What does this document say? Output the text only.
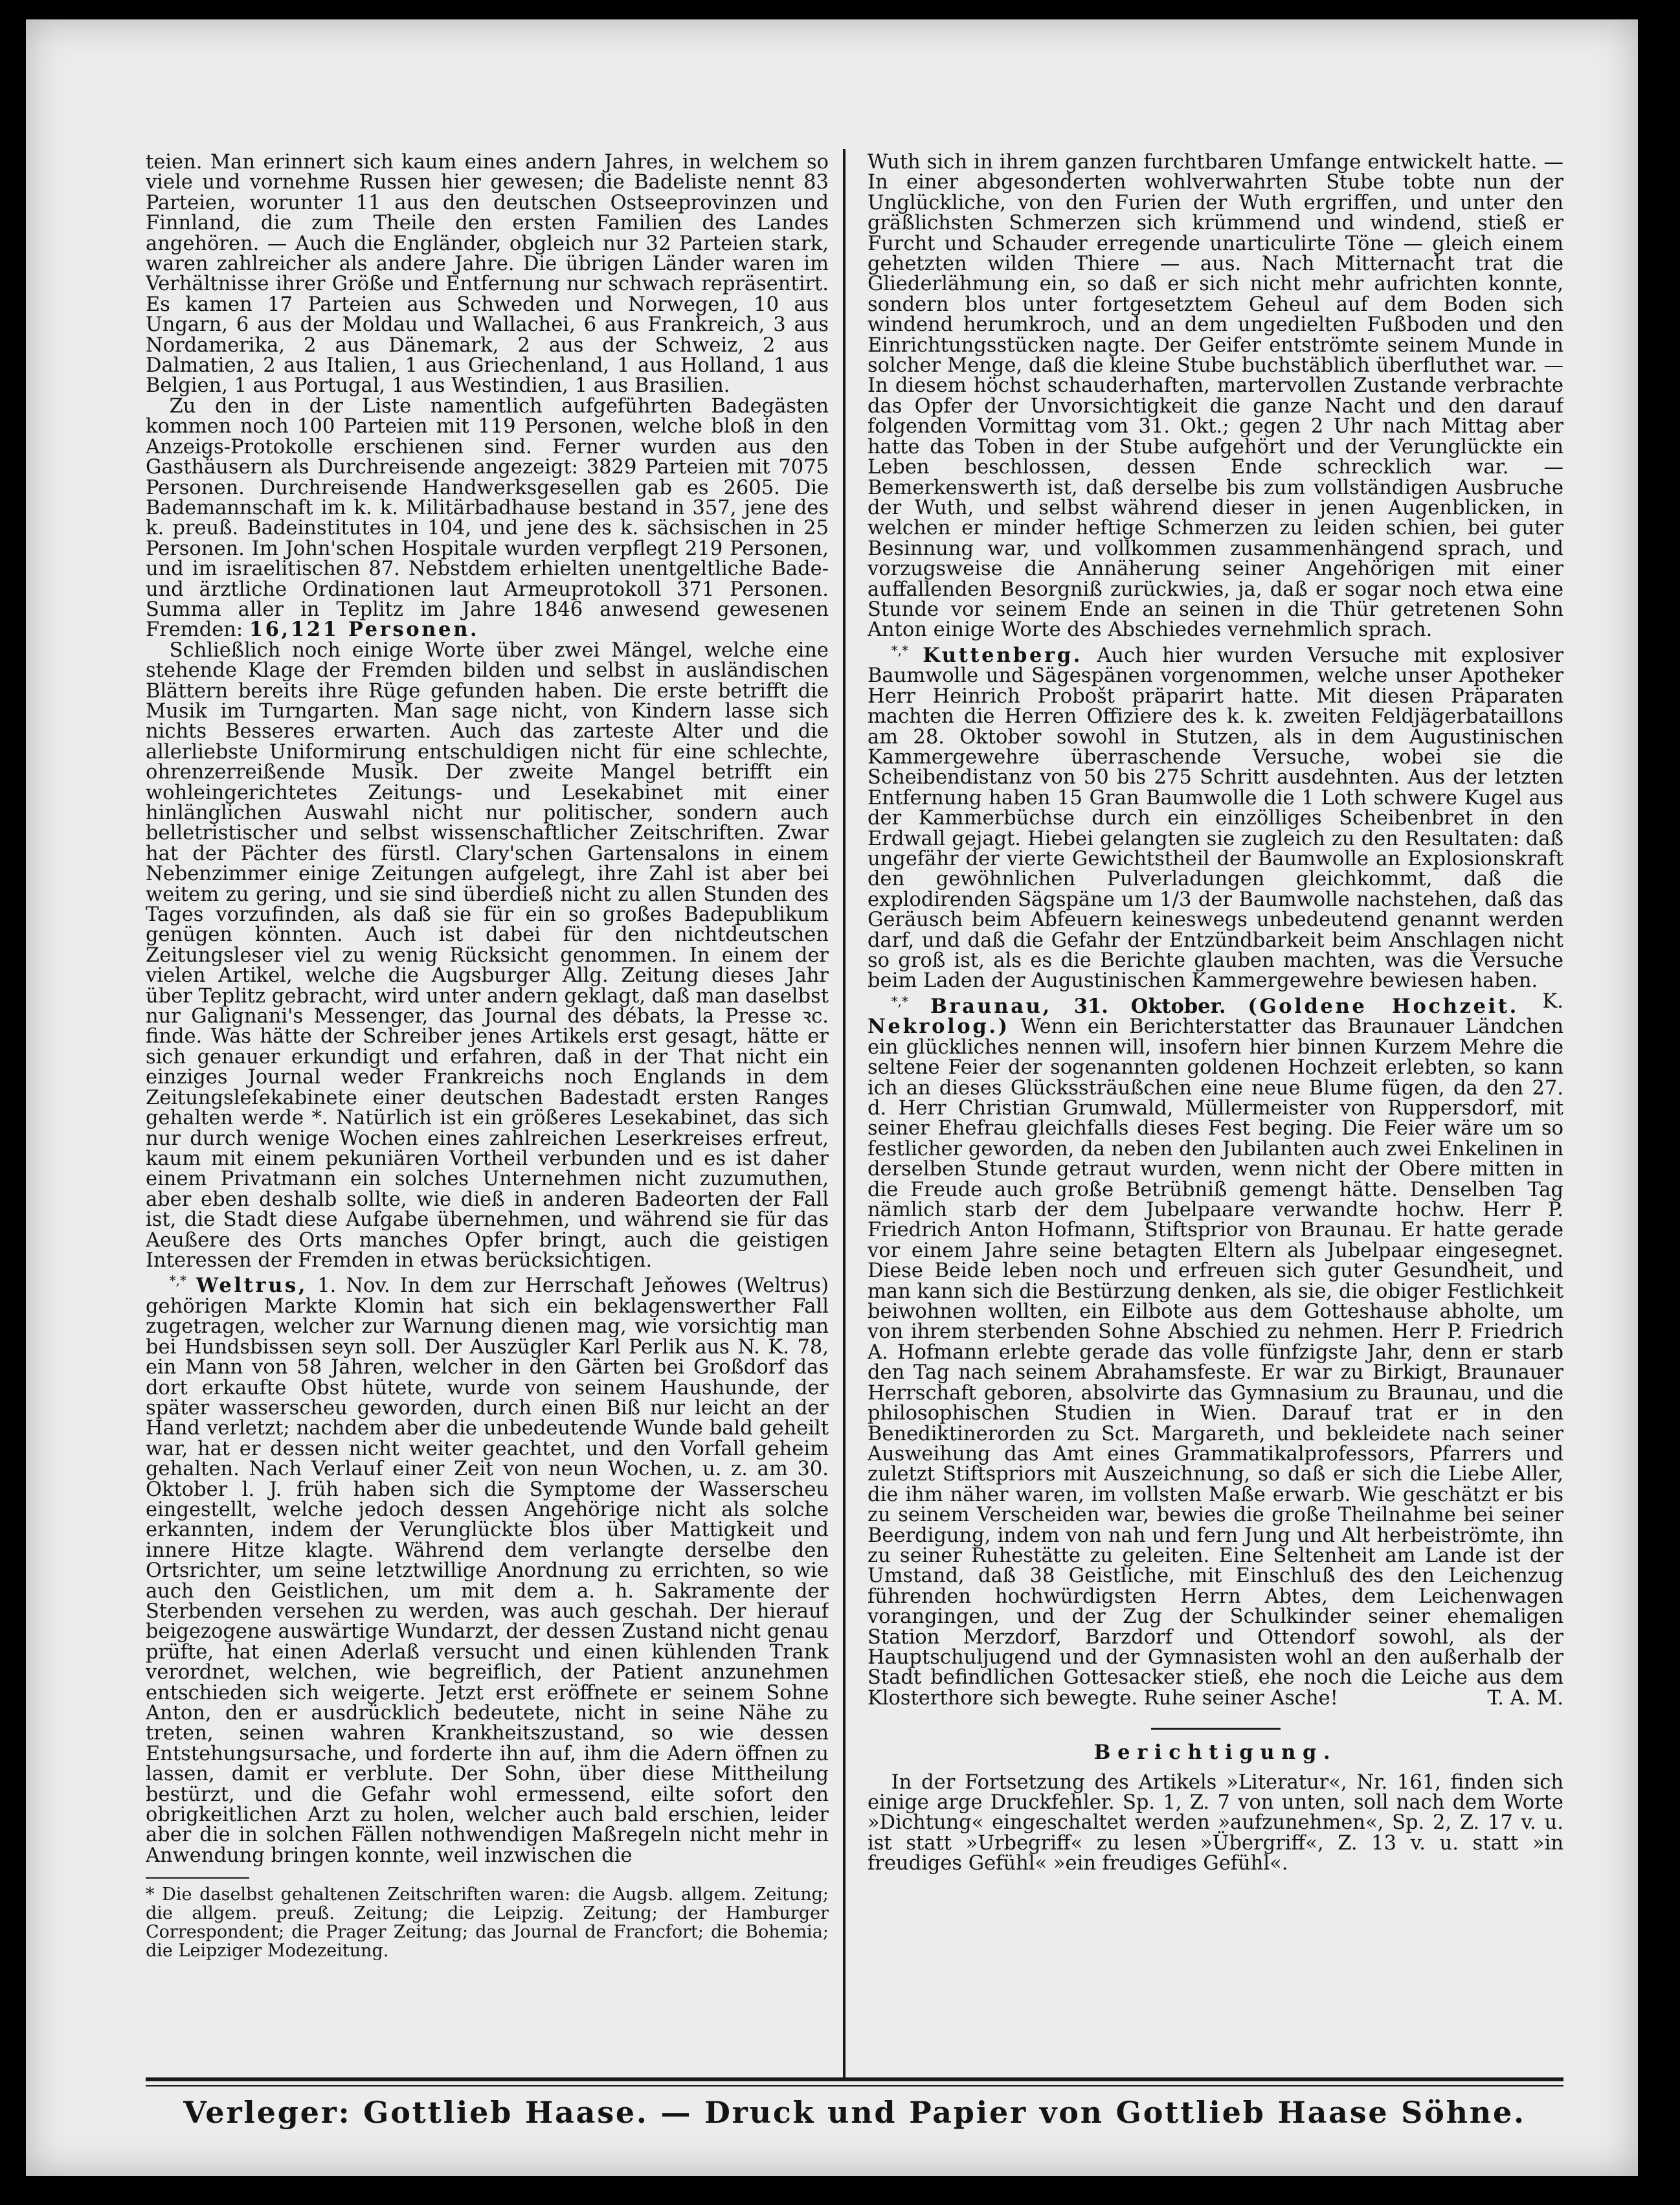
teien. Man erinnert sich kaum eines andern Jahres, in welchem so viele und vornehme Russen hier gewesen; die Badeliste nennt 83 Parteien, worunter 11 aus den deutschen Ostseeprovinzen und Finnland, die zum Theile den ersten Familien des Landes angehören. — Auch die Engländer, obgleich nur 32 Parteien stark, waren zahlreicher als andere Jahre. Die übrigen Länder waren im Verhältnisse ihrer Größe und Entfernung nur schwach repräsentirt. Es kamen 17 Parteien aus Schweden und Norwegen, 10 aus Ungarn, 6 aus der Moldau und Wallachei, 6 aus Frankreich, 3 aus Nordamerika, 2 aus Dänemark, 2 aus der Schweiz, 2 aus Dalmatien, 2 aus Italien, 1 aus Griechenland, 1 aus Holland, 1 aus Belgien, 1 aus Portugal, 1 aus Westindien, 1 aus Brasilien.

Zu den in der Liste namentlich aufgeführten Badegästen kommen noch 100 Parteien mit 119 Personen, welche bloß in den Anzeigs-Protokolle erschienen sind. Ferner wurden aus den Gasthäusern als Durchreisende angezeigt: 3829 Parteien mit 7075 Personen. Durchreisende Handwerksgesellen gab es 2605. Die Bademannschaft im k. k. Militärbadhause bestand in 357, jene des k. preuß. Badeinstitutes in 104, und jene des k. sächsischen in 25 Personen. Im John'schen Hospitale wurden verpflegt 219 Personen, und im israelitischen 87. Nebstdem erhielten unentgeltliche Bade- und ärztliche Ordinationen laut Armeuprotokoll 371 Personen. Summa aller in Teplitz im Jahre 1846 anwesend gewesenen Fremden: 16,121 Personen.

Schließlich noch einige Worte über zwei Mängel, welche eine stehende Klage der Fremden bilden und selbst in ausländischen Blättern bereits ihre Rüge gefunden haben. Die erste betrifft die Musik im Turngarten. Man sage nicht, von Kindern lasse sich nichts Besseres erwarten. Auch das zarteste Alter und die allerliebste Uniformirung entschuldigen nicht für eine schlechte, ohrenzerreißende Musik. Der zweite Mangel betrifft ein wohleingerichtetes Zeitungs- und Lesekabinet mit einer hinlänglichen Auswahl nicht nur politischer, sondern auch belletristischer und selbst wissenschaftlicher Zeitschriften. Zwar hat der Pächter des fürstl. Clary'schen Gartensalons in einem Nebenzimmer einige Zeitungen aufgelegt, ihre Zahl ist aber bei weitem zu gering, und sie sind überdieß nicht zu allen Stunden des Tages vorzufinden, als daß sie für ein so großes Badepublikum genügen könnten. Auch ist dabei für den nichtdeutschen Zeitungsleser viel zu wenig Rücksicht genommen. In einem der vielen Artikel, welche die Augsburger Allg. Zeitung dieses Jahr über Teplitz gebracht, wird unter andern geklagt, daß man daselbst nur Galignani's Messenger, das Journal des débats, la Presse ꝛc. finde. Was hätte der Schreiber jenes Artikels erst gesagt, hätte er sich genauer erkundigt und erfahren, daß in der That nicht ein einziges Journal weder Frankreichs noch Englands in dem Zeitungsleſekabinete einer deutschen Badestadt ersten Ranges gehalten werde *. Natürlich ist ein größeres Lesekabinet, das sich nur durch wenige Wochen eines zahlreichen Leserkreises erfreut, kaum mit einem pekuniären Vortheil verbunden und es ist daher einem Privatmann ein solches Unternehmen nicht zuzumuthen, aber eben deshalb sollte, wie dieß in anderen Badeorten der Fall ist, die Stadt diese Aufgabe übernehmen, und während sie für das Aeußere des Orts manches Opfer bringt, auch die geistigen Interessen der Fremden in etwas berücksichtigen.

*,* Weltrus, 1. Nov. In dem zur Herrschaft Jeňowes (Weltrus) gehörigen Markte Klomin hat sich ein beklagenswerther Fall zugetragen, welcher zur Warnung dienen mag, wie vorsichtig man bei Hundsbissen seyn soll. Der Auszügler Karl Perlik aus N. K. 78, ein Mann von 58 Jahren, welcher in den Gärten bei Großdorf das dort erkaufte Obst hütete, wurde von seinem Haushunde, der später wasserscheu geworden, durch einen Biß nur leicht an der Hand verletzt; nachdem aber die unbedeutende Wunde bald geheilt war, hat er dessen nicht weiter geachtet, und den Vorfall geheim gehalten. Nach Verlauf einer Zeit von neun Wochen, u. z. am 30. Oktober l. J. früh haben sich die Symptome der Wasserscheu eingestellt, welche jedoch dessen Angehörige nicht als solche erkannten, indem der Verunglückte blos über Mattigkeit und innere Hitze klagte. Während dem verlangte derselbe den Ortsrichter, um seine letztwillige Anordnung zu errichten, so wie auch den Geistlichen, um mit dem a. h. Sakramente der Sterbenden versehen zu werden, was auch geschah. Der hierauf beigezogene auswärtige Wundarzt, der dessen Zustand nicht genau prüfte, hat einen Aderlaß versucht und einen kühlenden Trank verordnet, welchen, wie begreiflich, der Patient anzunehmen entschieden sich weigerte. Jetzt erst eröffnete er seinem Sohne Anton, den er ausdrücklich bedeutete, nicht in seine Nähe zu treten, seinen wahren Krankheitszustand, so wie dessen Entstehungsursache, und forderte ihn auf, ihm die Adern öffnen zu lassen, damit er verblute. Der Sohn, über diese Mittheilung bestürzt, und die Gefahr wohl ermessend, eilte sofort den obrigkeitlichen Arzt zu holen, welcher auch bald erschien, leider aber die in solchen Fällen nothwendigen Maßregeln nicht mehr in Anwendung bringen konnte, weil inzwischen die

* Die daselbst gehaltenen Zeitschriften waren: die Augsb. allgem. Zeitung; die allgem. preuß. Zeitung; die Leipzig. Zeitung; der Hamburger Correspondent; die Prager Zeitung; das Journal de Francfort; die Bohemia; die Leipziger Modezeitung.

Wuth sich in ihrem ganzen furchtbaren Umfange entwickelt hatte. — In einer abgesonderten wohlverwahrten Stube tobte nun der Unglückliche, von den Furien der Wuth ergriffen, und unter den gräßlichsten Schmerzen sich krümmend und windend, stieß er Furcht und Schauder erregende unarticulirte Töne — gleich einem gehetzten wilden Thiere — aus. Nach Mitternacht trat die Gliederlähmung ein, so daß er sich nicht mehr aufrichten konnte, sondern blos unter fortgesetztem Geheul auf dem Boden sich windend herumkroch, und an dem ungedielten Fußboden und den Einrichtungsstücken nagte. Der Geifer entströmte seinem Munde in solcher Menge, daß die kleine Stube buchstäblich überfluthet war. — In diesem höchst schauderhaften, martervollen Zustande verbrachte das Opfer der Unvorsichtigkeit die ganze Nacht und den darauf folgenden Vormittag vom 31. Okt.; gegen 2 Uhr nach Mittag aber hatte das Toben in der Stube aufgehört und der Verunglückte ein Leben beschlossen, dessen Ende schrecklich war. — Bemerkenswerth ist, daß derselbe bis zum vollständigen Ausbruche der Wuth, und selbst während dieser in jenen Augenblicken, in welchen er minder heftige Schmerzen zu leiden schien, bei guter Besinnung war, und vollkommen zusammenhängend sprach, und vorzugsweise die Annäherung seiner Angehörigen mit einer auffallenden Besorgniß zurückwies, ja, daß er sogar noch etwa eine Stunde vor seinem Ende an seinen in die Thür getretenen Sohn Anton einige Worte des Abschiedes vernehmlich sprach.

*,* Kuttenberg. Auch hier wurden Versuche mit explosiver Baumwolle und Sägespänen vorgenommen, welche unser Apotheker Herr Heinrich Probošt präparirt hatte. Mit diesen Präparaten machten die Herren Offiziere des k. k. zweiten Feldjägerbataillons am 28. Oktober sowohl in Stutzen, als in dem Augustinischen Kammergewehre überraschende Versuche, wobei sie die Scheibendistanz von 50 bis 275 Schritt ausdehnten. Aus der letzten Entfernung haben 15 Gran Baumwolle die 1 Loth schwere Kugel aus der Kammerbüchse durch ein einzölliges Scheibenbret in den Erdwall gejagt. Hiebei gelangten sie zugleich zu den Resultaten: daß ungefähr der vierte Gewichtstheil der Baumwolle an Explosionskraft den gewöhnlichen Pulverladungen gleichkommt, daß die explodirenden Sägspäne um 1/3 der Baumwolle nachstehen, daß das Geräusch beim Abfeuern keineswegs unbedeutend genannt werden darf, und daß die Gefahr der Entzündbarkeit beim Anschlagen nicht so groß ist, als es die Berichte glauben machten, was die Versuche beim Laden der Augustinischen Kammergewehre bewiesen haben.
K.

*,* Braunau, 31. Oktober. (Goldene Hochzeit. Nekrolog.) Wenn ein Berichterstatter das Braunauer Ländchen ein glückliches nennen will, insofern hier binnen Kurzem Mehre die seltene Feier der sogenannten goldenen Hochzeit erlebten, so kann ich an dieses Glückssträußchen eine neue Blume fügen, da den 27. d. Herr Christian Grumwald, Müllermeister von Ruppersdorf, mit seiner Ehefrau gleichfalls dieses Fest beging. Die Feier wäre um so festlicher geworden, da neben den Jubilanten auch zwei Enkelinen in derselben Stunde getraut wurden, wenn nicht der Obere mitten in die Freude auch große Betrübniß gemengt hätte. Denselben Tag nämlich starb der dem Jubelpaare verwandte hochw. Herr P. Friedrich Anton Hofmann, Stiftsprior von Braunau. Er hatte gerade vor einem Jahre seine betagten Eltern als Jubelpaar eingesegnet. Diese Beide leben noch und erfreuen sich guter Gesundheit, und man kann sich die Bestürzung denken, als sie, die obiger Festlichkeit beiwohnen wollten, ein Eilbote aus dem Gotteshause abholte, um von ihrem sterbenden Sohne Abschied zu nehmen. Herr P. Friedrich A. Hofmann erlebte gerade das volle fünfzigste Jahr, denn er starb den Tag nach seinem Abrahamsfeste. Er war zu Birkigt, Braunauer Herrschaft geboren, absolvirte das Gymnasium zu Braunau, und die philosophischen Studien in Wien. Darauf trat er in den Benediktinerorden zu Sct. Margareth, und bekleidete nach seiner Ausweihung das Amt eines Grammatikalprofessors, Pfarrers und zuletzt Stiftspriors mit Auszeichnung, so daß er sich die Liebe Aller, die ihm näher waren, im vollsten Maße erwarb. Wie geschätzt er bis zu seinem Verscheiden war, bewies die große Theilnahme bei seiner Beerdigung, indem von nah und fern Jung und Alt herbeiströmte, ihn zu seiner Ruhestätte zu geleiten. Eine Seltenheit am Lande ist der Umstand, daß 38 Geistliche, mit Einschluß des den Leichenzug führenden hochwürdigsten Herrn Abtes, dem Leichenwagen vorangingen, und der Zug der Schulkinder seiner ehemaligen Station Merzdorf, Barzdorf und Ottendorf sowohl, als der Hauptschuljugend und der Gymnasisten wohl an den außerhalb der Stadt befindlichen Gottesacker stieß, ehe noch die Leiche aus dem Klosterthore sich bewegte. Ruhe seiner Asche!	T. A. M.

Berichtigung.

In der Fortsetzung des Artikels »Literatur«, Nr. 161, finden sich einige arge Druckfehler. Sp. 1, Z. 7 von unten, soll nach dem Worte »Dichtung« eingeschaltet werden »aufzunehmen«, Sp. 2, Z. 17 v. u. ist statt »Urbegriff« zu lesen »Übergriff«, Z. 13 v. u. statt »in freudiges Gefühl« »ein freudiges Gefühl«.

Verleger: Gottlieb Haase. — Druck und Papier von Gottlieb Haase Söhne.
